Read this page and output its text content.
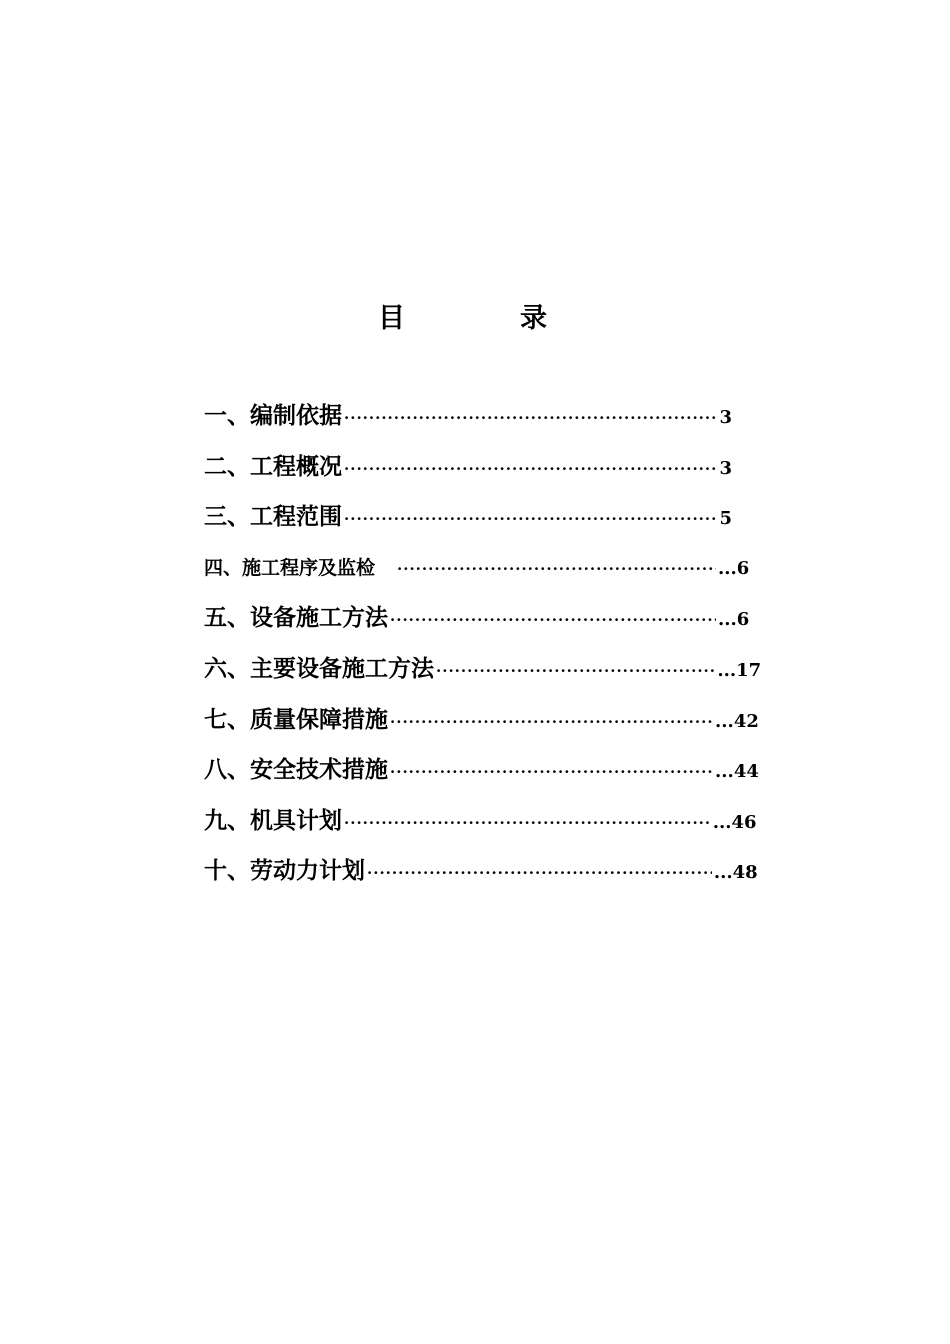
目　录
一、编制依据 ·····	3
二、工程概况 ·····	3
三、工程范围 ·····	5
四、施工程序及监检 ·····	...6
五、设备施工方法 ·····	...6
六、主要设备施工方法 ·····	...17
七、质量保障措施 ·····	...42
八、安全技术措施 ·····	...44
九、机具计划 ·····	...46
十、劳动力计划 ·····	...48
